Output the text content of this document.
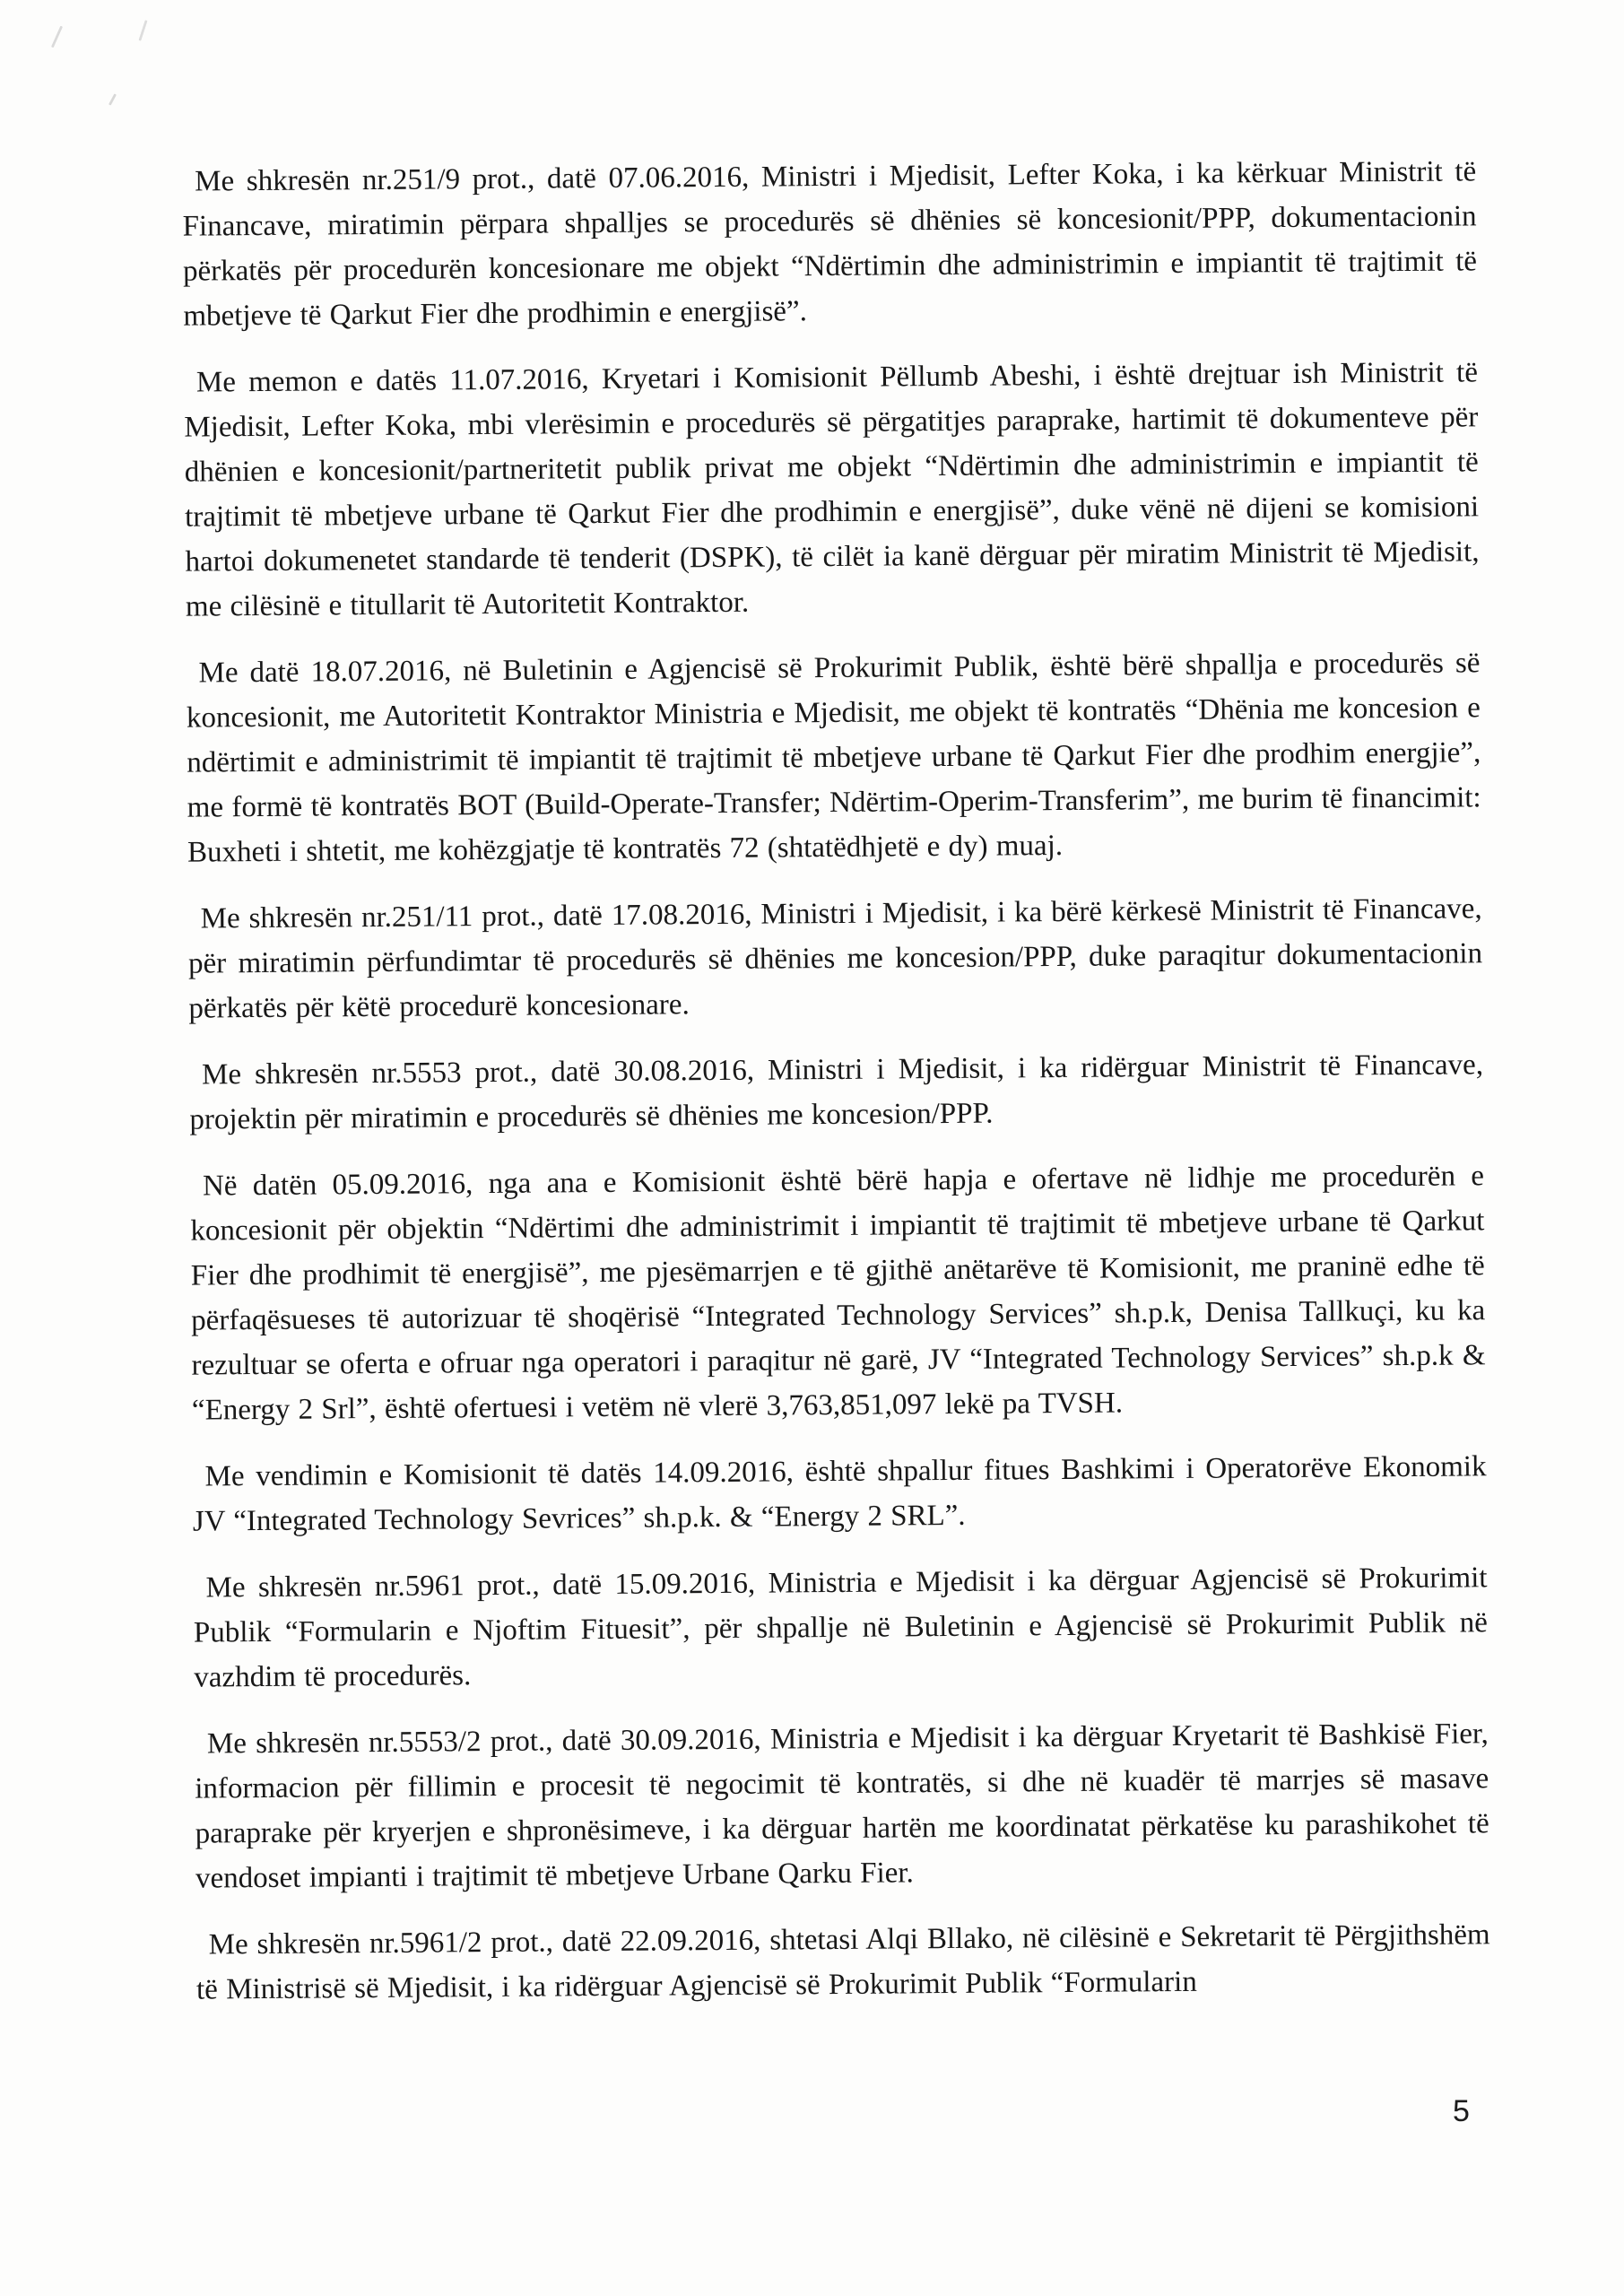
Me shkresën nr.251/9 prot., datë 07.06.2016, Ministri i Mjedisit, Lefter Koka, i ka kërkuar Ministrit të Financave, miratimin përpara shpalljes se procedurës së dhënies së koncesionit/PPP, dokumentacionin përkatës për procedurën koncesionare me objekt “Ndërtimin dhe administrimin e impiantit të trajtimit të mbetjeve të Qarkut Fier dhe prodhimin e energjisë”.

Me memon e datës 11.07.2016, Kryetari i Komisionit Pëllumb Abeshi, i është drejtuar ish Ministrit të Mjedisit, Lefter Koka, mbi vlerësimin e procedurës së përgatitjes paraprake, hartimit të dokumenteve për dhënien e koncesionit/partneritetit publik privat me objekt “Ndërtimin dhe administrimin e impiantit të trajtimit të mbetjeve urbane të Qarkut Fier dhe prodhimin e energjisë”, duke vënë në dijeni se komisioni hartoi dokumenetet standarde të tenderit (DSPK), të cilët ia kanë dërguar për miratim Ministrit të Mjedisit, me cilësinë e titullarit të Autoritetit Kontraktor.

Me datë 18.07.2016, në Buletinin e Agjencisë së Prokurimit Publik, është bërë shpallja e procedurës së koncesionit, me Autoritetit Kontraktor Ministria e Mjedisit, me objekt të kontratës “Dhënia me koncesion e ndërtimit e administrimit të impiantit të trajtimit të mbetjeve urbane të Qarkut Fier dhe prodhim energjie”, me formë të kontratës BOT (Build-Operate-Transfer; Ndërtim-Operim-Transferim”, me burim të financimit: Buxheti i shtetit, me kohëzgjatje të kontratës 72 (shtatëdhjetë e dy) muaj.

Me shkresën nr.251/11 prot., datë 17.08.2016, Ministri i Mjedisit, i ka bërë kërkesë Ministrit të Financave, për miratimin përfundimtar të procedurës së dhënies me koncesion/PPP, duke paraqitur dokumentacionin përkatës për këtë procedurë koncesionare.

Me shkresën nr.5553 prot., datë 30.08.2016, Ministri i Mjedisit, i ka ridërguar Ministrit të Financave, projektin për miratimin e procedurës së dhënies me koncesion/PPP.

Në datën 05.09.2016, nga ana e Komisionit është bërë hapja e ofertave në lidhje me procedurën e koncesionit për objektin “Ndërtimi dhe administrimit i impiantit të trajtimit të mbetjeve urbane të Qarkut Fier dhe prodhimit të energjisë”, me pjesëmarrjen e të gjithë anëtarëve të Komisionit, me praninë edhe të përfaqësueses të autorizuar të shoqërisë “Integrated Technology Services” sh.p.k, Denisa Tallkuçi, ku ka rezultuar se oferta e ofruar nga operatori i paraqitur në garë, JV “Integrated Technology Services” sh.p.k & “Energy 2 Srl”, është ofertuesi i vetëm në vlerë 3,763,851,097 lekë pa TVSH.

Me vendimin e Komisionit të datës 14.09.2016, është shpallur fitues Bashkimi i Operatorëve Ekonomik JV “Integrated Technology Sevrices” sh.p.k. & “Energy 2 SRL”.

Me shkresën nr.5961 prot., datë 15.09.2016, Ministria e Mjedisit i ka dërguar Agjencisë së Prokurimit Publik “Formularin e Njoftim Fituesit”, për shpallje në Buletinin e Agjencisë së Prokurimit Publik në vazhdim të procedurës.

Me shkresën nr.5553/2 prot., datë 30.09.2016, Ministria e Mjedisit i ka dërguar Kryetarit të Bashkisë Fier, informacion për fillimin e procesit të negocimit të kontratës, si dhe në kuadër të marrjes së masave paraprake për kryerjen e shpronësimeve, i ka dërguar hartën me koordinatat përkatëse ku parashikohet të vendoset impianti i trajtimit të mbetjeve Urbane Qarku Fier.

Me shkresën nr.5961/2 prot., datë 22.09.2016, shtetasi Alqi Bllako, në cilësinë e Sekretarit të Përgjithshëm të Ministrisë së Mjedisit, i ka ridërguar Agjencisë së Prokurimit Publik “Formularin

5
